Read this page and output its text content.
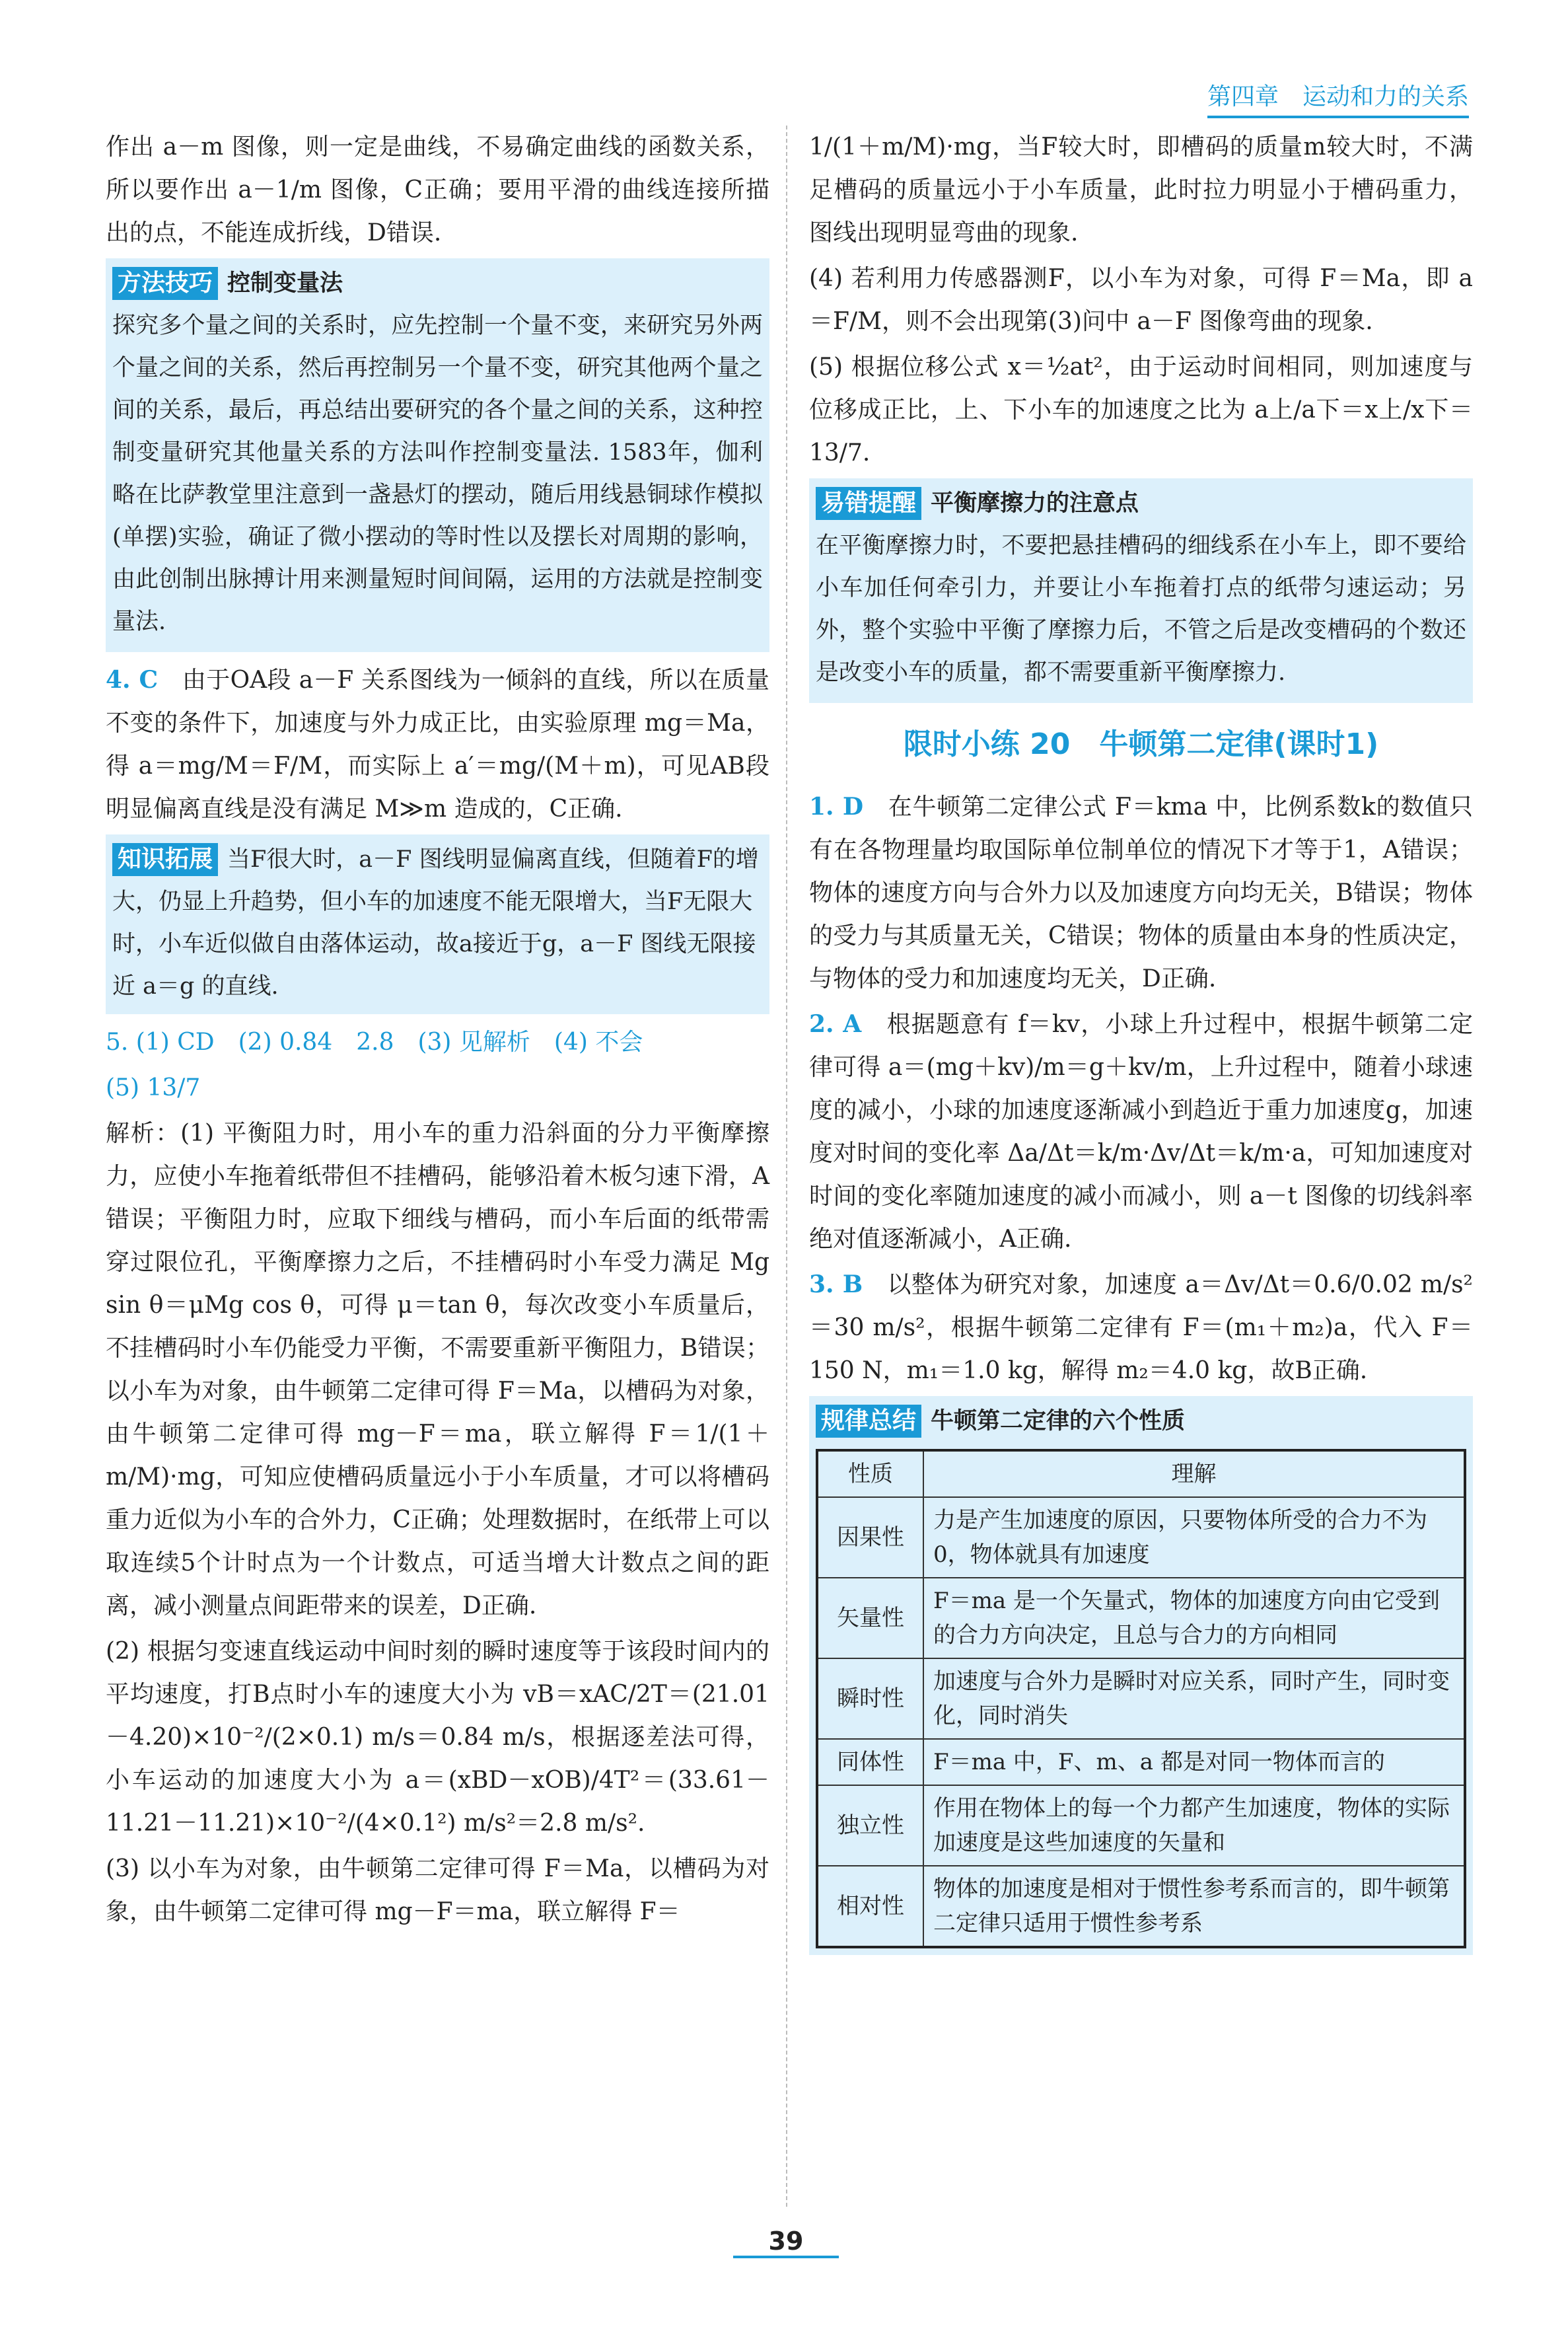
第四章　运动和力的关系

作出 a－m 图像，则一定是曲线，不易确定曲线的函数关系，所以要作出 a－1/m 图像，C正确；要用平滑的曲线连接所描出的点，不能连成折线，D错误.

方法技巧 控制变量法

探究多个量之间的关系时，应先控制一个量不变，来研究另外两个量之间的关系，然后再控制另一个量不变，研究其他两个量之间的关系，最后，再总结出要研究的各个量之间的关系，这种控制变量研究其他量关系的方法叫作控制变量法. 1583年，伽利略在比萨教堂里注意到一盏悬灯的摆动，随后用线悬铜球作模拟(单摆)实验，确证了微小摆动的等时性以及摆长对周期的影响，由此创制出脉搏计用来测量短时间间隔，运用的方法就是控制变量法.

4. C　 由于OA段 a－F 关系图线为一倾斜的直线，所以在质量不变的条件下，加速度与外力成正比，由实验原理 mg＝Ma，得 a＝mg/M＝F/M，而实际上 a′＝mg/(M＋m)，可见AB段明显偏离直线是没有满足 M≫m 造成的，C正确.

知识拓展 当F很大时，a－F 图线明显偏离直线，但随着F的增大，仍显上升趋势，但小车的加速度不能无限增大，当F无限大时，小车近似做自由落体运动，故a接近于g，a－F 图线无限接近 a＝g 的直线.

5. (1) CD　(2) 0.84　2.8　(3) 见解析　(4) 不会

(5) 13/7

解析：(1) 平衡阻力时，用小车的重力沿斜面的分力平衡摩擦力，应使小车拖着纸带但不挂槽码，能够沿着木板匀速下滑，A错误；平衡阻力时，应取下细线与槽码，而小车后面的纸带需穿过限位孔，平衡摩擦力之后，不挂槽码时小车受力满足 Mg sin θ＝μMg cos θ，可得 μ＝tan θ，每次改变小车质量后，不挂槽码时小车仍能受力平衡，不需要重新平衡阻力，B错误；以小车为对象，由牛顿第二定律可得 F＝Ma，以槽码为对象，由牛顿第二定律可得 mg－F＝ma，联立解得 F＝1/(1＋m/M)·mg，可知应使槽码质量远小于小车质量，才可以将槽码重力近似为小车的合外力，C正确；处理数据时，在纸带上可以取连续5个计时点为一个计数点，可适当增大计数点之间的距离，减小测量点间距带来的误差，D正确.

(2) 根据匀变速直线运动中间时刻的瞬时速度等于该段时间内的平均速度，打B点时小车的速度大小为 vB＝xAC/2T＝(21.01－4.20)×10⁻²/(2×0.1) m/s＝0.84 m/s，根据逐差法可得，小车运动的加速度大小为 a＝(xBD－xOB)/4T²＝(33.61－11.21－11.21)×10⁻²/(4×0.1²) m/s²＝2.8 m/s².

(3) 以小车为对象，由牛顿第二定律可得 F＝Ma，以槽码为对象，由牛顿第二定律可得 mg－F＝ma，联立解得 F＝

1/(1＋m/M)·mg，当F较大时，即槽码的质量m较大时，不满足槽码的质量远小于小车质量，此时拉力明显小于槽码重力，图线出现明显弯曲的现象.

(4) 若利用力传感器测F，以小车为对象，可得 F＝Ma，即 a＝F/M，则不会出现第(3)问中 a－F 图像弯曲的现象.

(5) 根据位移公式 x＝½at²，由于运动时间相同，则加速度与位移成正比，上、下小车的加速度之比为 a上/a下＝x上/x下＝13/7.

易错提醒 平衡摩擦力的注意点

在平衡摩擦力时，不要把悬挂槽码的细线系在小车上，即不要给小车加任何牵引力，并要让小车拖着打点的纸带匀速运动；另外，整个实验中平衡了摩擦力后，不管之后是改变槽码的个数还是改变小车的质量，都不需要重新平衡摩擦力.

限时小练 20　牛顿第二定律(课时1)

1. D　 在牛顿第二定律公式 F＝kma 中，比例系数k的数值只有在各物理量均取国际单位制单位的情况下才等于1，A错误；物体的速度方向与合外力以及加速度方向均无关，B错误；物体的受力与其质量无关，C错误；物体的质量由本身的性质决定，与物体的受力和加速度均无关，D正确.

2. A　 根据题意有 f＝kv，小球上升过程中，根据牛顿第二定律可得 a＝(mg＋kv)/m＝g＋kv/m，上升过程中，随着小球速度的减小，小球的加速度逐渐减小到趋近于重力加速度g，加速度对时间的变化率 Δa/Δt＝k/m·Δv/Δt＝k/m·a，可知加速度对时间的变化率随加速度的减小而减小，则 a－t 图像的切线斜率绝对值逐渐减小，A正确.

3. B　 以整体为研究对象，加速度 a＝Δv/Δt＝0.6/0.02 m/s²＝30 m/s²，根据牛顿第二定律有 F＝(m₁＋m₂)a，代入 F＝150 N，m₁＝1.0 kg，解得 m₂＝4.0 kg，故B正确.

规律总结 牛顿第二定律的六个性质
性质	理解
因果性	力是产生加速度的原因，只要物体所受的合力不为0，物体就具有加速度
矢量性	F＝ma 是一个矢量式，物体的加速度方向由它受到的合力方向决定，且总与合力的方向相同
瞬时性	加速度与合外力是瞬时对应关系，同时产生，同时变化，同时消失
同体性	F＝ma 中，F、m、a 都是对同一物体而言的
独立性	作用在物体上的每一个力都产生加速度，物体的实际加速度是这些加速度的矢量和
相对性	物体的加速度是相对于惯性参考系而言的，即牛顿第二定律只适用于惯性参考系
39
